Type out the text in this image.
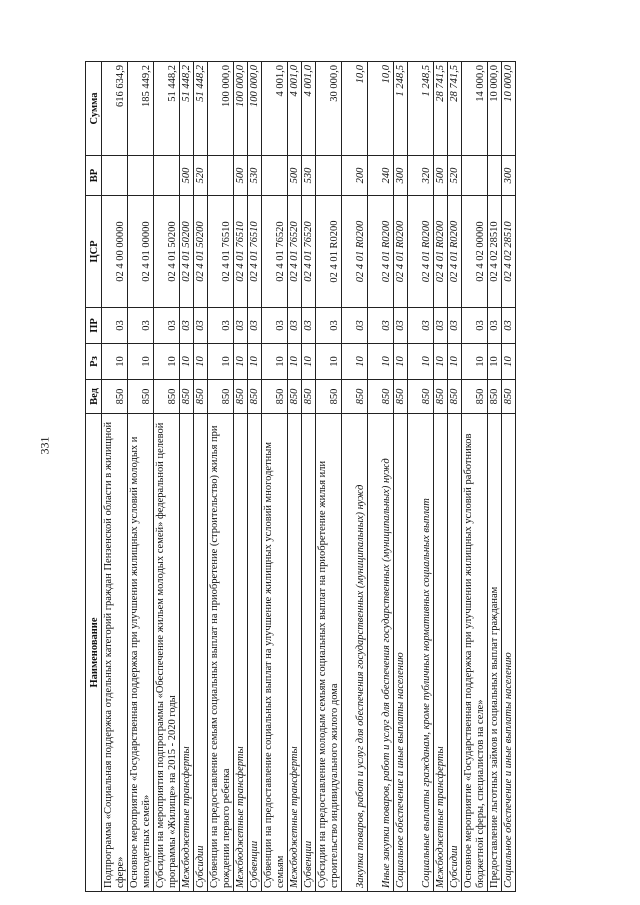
331
Наименование	Вед	Рз	ПР	ЦСР	ВР	Сумма
Подпрограмма «Социальная поддержка отдельных категорий граждан Пензенской области в жилищной сфере»	850	10	03	02 4 00 00000		616 634,9
Основное мероприятие «Государственная поддержка при улучшении жилищных условий молодых и многодетных семей»	850	10	03	02 4 01 00000		185 449,2
Субсидии на мероприятия подпрограммы «Обеспечение жильем молодых семей» федеральной целевой программы «Жилище» на 2015 - 2020 годы	850	10	03	02 4 01 50200		51 448,2
Межбюджетные трансферты	850	10	03	02 4 01 50200	500	51 448,2
Субсидии	850	10	03	02 4 01 50200	520	51 448,2
Субвенции на предоставление семьям социальных выплат на приобретение (строительство) жилья при рождении первого ребенка	850	10	03	02 4 01 76510		100 000,0
Межбюджетные трансферты	850	10	03	02 4 01 76510	500	100 000,0
Субвенции	850	10	03	02 4 01 76510	530	100 000,0
Субвенции на предоставление социальных выплат на улучшение жилищных условий многодетным семьям	850	10	03	02 4 01 76520		4 001,0
Межбюджетные трансферты	850	10	03	02 4 01 76520	500	4 001,0
Субвенции	850	10	03	02 4 01 76520	530	4 001,0
Субсидии на предоставление молодым семьям социальных выплат на приобретение жилья или строительство индивидуального жилого дома	850	10	03	02 4 01 R0200		30 000,0
Закупка товаров, работ и услуг для обеспечения государственных (муниципальных) нужд	850	10	03	02 4 01 R0200	200	10,0
Иные закупки товаров, работ и услуг для обеспечения государственных (муниципальных) нужд	850	10	03	02 4 01 R0200	240	10,0
Социальное обеспечение и иные выплаты населению	850	10	03	02 4 01 R0200	300	1 248,5
Социальные выплаты гражданам, кроме публичных нормативных социальных выплат	850	10	03	02 4 01 R0200	320	1 248,5
Межбюджетные трансферты	850	10	03	02 4 01 R0200	500	28 741,5
Субсидии	850	10	03	02 4 01 R0200	520	28 741,5
Основное мероприятие «Государственная поддержка при улучшении жилищных условий работников бюджетной сферы, специалистов на селе»	850	10	03	02 4 02 00000		14 000,0
Предоставление льготных займов и социальных выплат гражданам	850	10	03	02 4 02 28510		10 000,0
Социальное обеспечение и иные выплаты населению	850	10	03	02 4 02 28510	300	10 000,0
